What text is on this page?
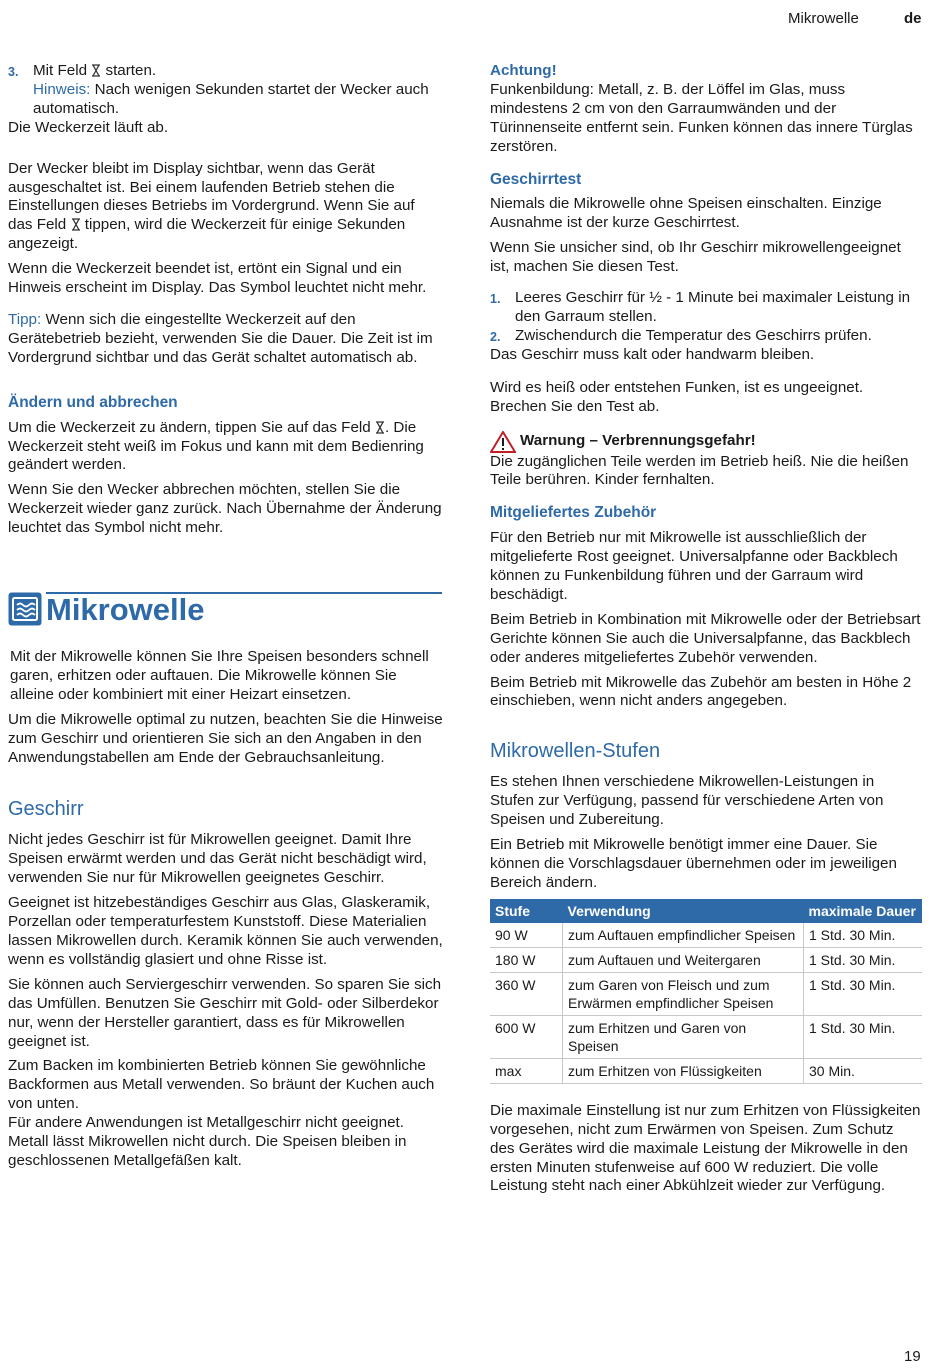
Mikrowelle	de
3. Mit Feld starten.
Hinweis: Nach wenigen Sekunden startet der Wecker auch automatisch.

Die Weckerzeit läuft ab.

Der Wecker bleibt im Display sichtbar, wenn das Gerät ausgeschaltet ist. Bei einem laufenden Betrieb stehen die Einstellungen dieses Betriebs im Vordergrund. Wenn Sie auf das Feld tippen, wird die Weckerzeit für einige Sekunden angezeigt.

Wenn die Weckerzeit beendet ist, ertönt ein Signal und ein Hinweis erscheint im Display. Das Symbol leuchtet nicht mehr.

Tipp: Wenn sich die eingestellte Weckerzeit auf den Gerätebetrieb bezieht, verwenden Sie die Dauer. Die Zeit ist im Vordergrund sichtbar und das Gerät schaltet automatisch ab.

Ändern und abbrechen

Um die Weckerzeit zu ändern, tippen Sie auf das Feld . Die Weckerzeit steht weiß im Fokus und kann mit dem Bedienring geändert werden.

Wenn Sie den Wecker abbrechen möchten, stellen Sie die Weckerzeit wieder ganz zurück. Nach Übernahme der Änderung leuchtet das Symbol nicht mehr.

Mikrowelle

Mit der Mikrowelle können Sie Ihre Speisen besonders schnell garen, erhitzen oder auftauen. Die Mikrowelle können Sie alleine oder kombiniert mit einer Heizart einsetzen.

Um die Mikrowelle optimal zu nutzen, beachten Sie die Hinweise zum Geschirr und orientieren Sie sich an den Angaben in den Anwendungstabellen am Ende der Gebrauchsanleitung.

Geschirr

Nicht jedes Geschirr ist für Mikrowellen geeignet. Damit Ihre Speisen erwärmt werden und das Gerät nicht beschädigt wird, verwenden Sie nur für Mikrowellen geeignetes Geschirr.

Geeignet ist hitzebeständiges Geschirr aus Glas, Glaskeramik, Porzellan oder temperaturfestem Kunststoff. Diese Materialien lassen Mikrowellen durch. Keramik können Sie auch verwenden, wenn es vollständig glasiert und ohne Risse ist.

Sie können auch Serviergeschirr verwenden. So sparen Sie sich das Umfüllen. Benutzen Sie Geschirr mit Gold- oder Silberdekor nur, wenn der Hersteller garantiert, dass es für Mikrowellen geeignet ist.

Zum Backen im kombinierten Betrieb können Sie gewöhnliche Backformen aus Metall verwenden. So bräunt der Kuchen auch von unten.
Für andere Anwendungen ist Metallgeschirr nicht geeignet. Metall lässt Mikrowellen nicht durch. Die Speisen bleiben in geschlossenen Metallgefäßen kalt.

Achtung!

Funkenbildung: Metall, z. B. der Löffel im Glas, muss mindestens 2 cm von den Garraumwänden und der Türinnenseite entfernt sein. Funken können das innere Türglas zerstören.

Geschirrtest

Niemals die Mikrowelle ohne Speisen einschalten. Einzige Ausnahme ist der kurze Geschirrtest.

Wenn Sie unsicher sind, ob Ihr Geschirr mikrowellengeeignet ist, machen Sie diesen Test.

1. Leeres Geschirr für ½ - 1 Minute bei maximaler Leistung in den Garraum stellen.
2. Zwischendurch die Temperatur des Geschirrs prüfen.

Das Geschirr muss kalt oder handwarm bleiben.

Wird es heiß oder entstehen Funken, ist es ungeeignet. Brechen Sie den Test ab.

Warnung – Verbrennungsgefahr!

Die zugänglichen Teile werden im Betrieb heiß. Nie die heißen Teile berühren. Kinder fernhalten.

Mitgeliefertes Zubehör

Für den Betrieb nur mit Mikrowelle ist ausschließlich der mitgelieferte Rost geeignet. Universalpfanne oder Backblech können zu Funkenbildung führen und der Garraum wird beschädigt.

Beim Betrieb in Kombination mit Mikrowelle oder der Betriebsart Gerichte können Sie auch die Universalpfanne, das Backblech oder anderes mitgeliefertes Zubehör verwenden.

Beim Betrieb mit Mikrowelle das Zubehör am besten in Höhe 2 einschieben, wenn nicht anders angegeben.

Mikrowellen-Stufen

Es stehen Ihnen verschiedene Mikrowellen-Leistungen in Stufen zur Verfügung, passend für verschiedene Arten von Speisen und Zubereitung.

Ein Betrieb mit Mikrowelle benötigt immer eine Dauer. Sie können die Vorschlagsdauer übernehmen oder im jeweiligen Bereich ändern.

Stufe	Verwendung	maximale Dauer
90 W	zum Auftauen empfindlicher Speisen	1 Std. 30 Min.
180 W	zum Auftauen und Weitergaren	1 Std. 30 Min.
360 W	zum Garen von Fleisch und zum Erwärmen empfindlicher Speisen	1 Std. 30 Min.
600 W	zum Erhitzen und Garen von Speisen	1 Std. 30 Min.
max	zum Erhitzen von Flüssigkeiten	30 Min.

Die maximale Einstellung ist nur zum Erhitzen von Flüssigkeiten vorgesehen, nicht zum Erwärmen von Speisen. Zum Schutz des Gerätes wird die maximale Leistung der Mikrowelle in den ersten Minuten stufenweise auf 600 W reduziert. Die volle Leistung steht nach einer Abkühlzeit wieder zur Verfügung.

19
